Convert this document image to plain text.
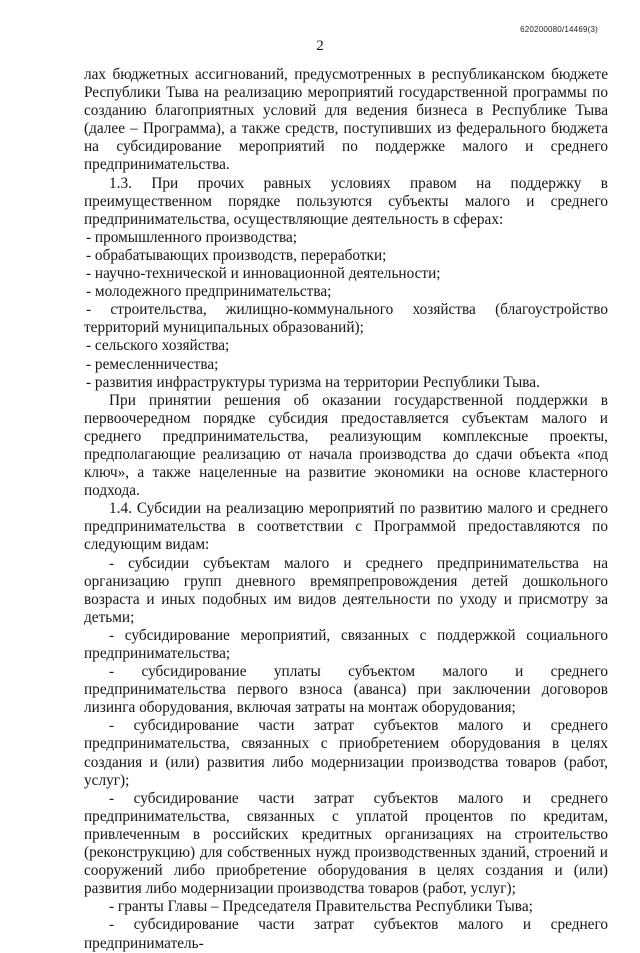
620200080/14469(3)
2

лах бюджетных ассигнований, предусмотренных в республиканском бюджете Республики Тыва на реализацию мероприятий государственной программы по созданию благоприятных условий для ведения бизнеса в Республике Тыва (далее – Программа), а также средств, поступивших из федерального бюджета на субсидирование мероприятий по поддержке малого и среднего предпринимательства.

1.3. При прочих равных условиях правом на поддержку в преимущественном порядке пользуются субъекты малого и среднего предпринимательства, осуществляющие деятельность в сферах:

- промышленного производства;

- обрабатывающих производств, переработки;

- научно-технической и инновационной деятельности;

- молодежного предпринимательства;

- строительства, жилищно-коммунального хозяйства (благоустройство территорий муниципальных образований);

- сельского хозяйства;

- ремесленничества;

- развития инфраструктуры туризма на территории Республики Тыва.

При принятии решения об оказании государственной поддержки в первоочередном порядке субсидия предоставляется субъектам малого и среднего предпринимательства, реализующим комплексные проекты, предполагающие реализацию от начала производства до сдачи объекта «под ключ», а также нацеленные на развитие экономики на основе кластерного подхода.

1.4. Субсидии на реализацию мероприятий по развитию малого и среднего предпринимательства в соответствии с Программой предоставляются по следующим видам:

- субсидии субъектам малого и среднего предпринимательства на организацию групп дневного времяпрепровождения детей дошкольного возраста и иных подобных им видов деятельности по уходу и присмотру за детьми;

- субсидирование мероприятий, связанных с поддержкой социального предпринимательства;

- субсидирование уплаты субъектом малого и среднего предпринимательства первого взноса (аванса) при заключении договоров лизинга оборудования, включая затраты на монтаж оборудования;

- субсидирование части затрат субъектов малого и среднего предпринимательства, связанных с приобретением оборудования в целях создания и (или) развития либо модернизации производства товаров (работ, услуг);

- субсидирование части затрат субъектов малого и среднего предпринимательства, связанных с уплатой процентов по кредитам, привлеченным в российских кредитных организациях на строительство (реконструкцию) для собственных нужд производственных зданий, строений и сооружений либо приобретение оборудования в целях создания и (или) развития либо модернизации производства товаров (работ, услуг);

- гранты Главы – Председателя Правительства Республики Тыва;

- субсидирование части затрат субъектов малого и среднего предприниматель-
